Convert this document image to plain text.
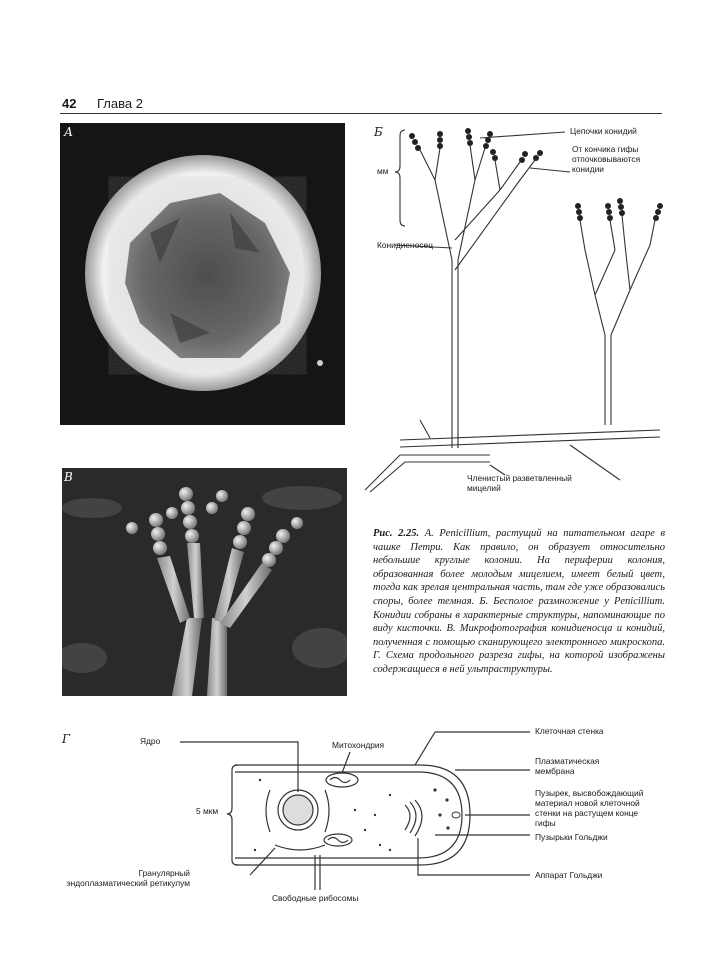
42 Глава 2
А	Б	Цепочки конидий
От кончика гифы отпочковываются конидии
мм
Конидиеносец
Членистый разветвленный мицелий
В
Рис. 2.25. А. Penicillium, растущий на питательном агаре в чашке Петри. Как правило, он образует относительно небольшие круглые колонии. На периферии колония, образованная более молодым мицелием, имеет белый цвет, тогда как зрелая центральная часть, там где уже образовались споры, более темная. Б. Бесполое размножение у Penicillium. Конидии собраны в характерные структуры, напоминающие по виду кисточки. В. Микрофотография конидиеносца и конидий, полученная с помощью сканирующего электронного микроскопа. Г. Схема продольного разреза гифы, на которой изображены содержащиеся в ней ультраструктуры.
Г	Ядро	Митохондрия
Клеточная стенка
Плазматическая мембрана
Пузырек, высвобождающий материал новой клеточной стенки на растущем конце гифы
Пузырьки Гольджи
Аппарат Гольджи
5 мкм
Гранулярный эндоплазматический ретикулум
Свободные рибосомы
